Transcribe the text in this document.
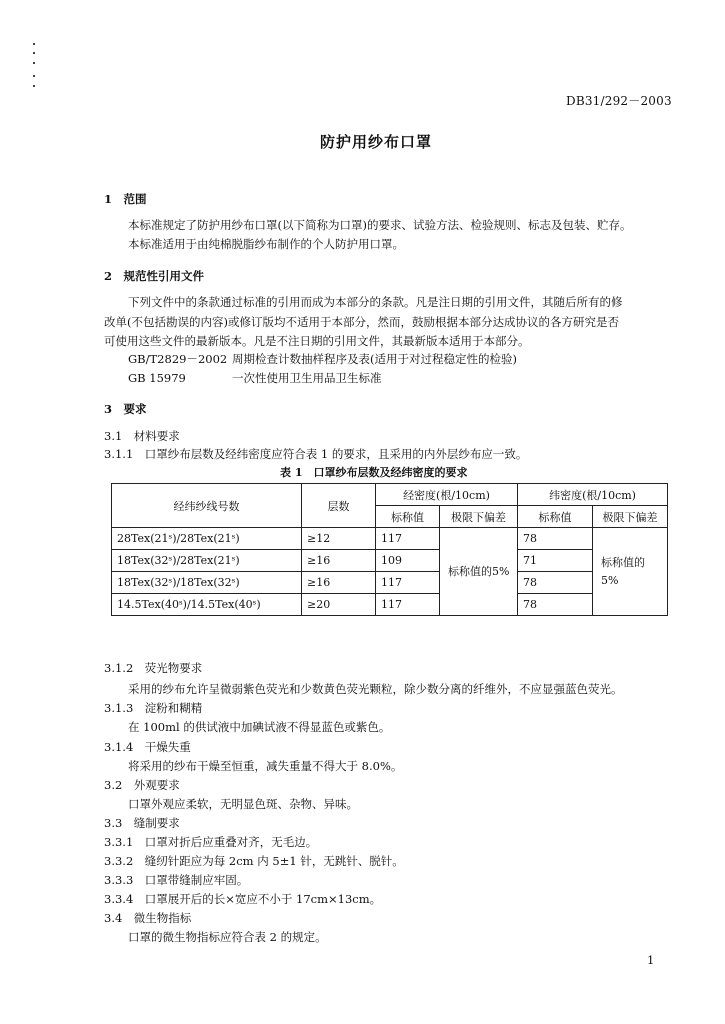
DB31/292－2003
防护用纱布口罩
1　范围
本标准规定了防护用纱布口罩(以下简称为口罩)的要求、试验方法、检验规则、标志及包装、贮存。
本标准适用于由纯棉脱脂纱布制作的个人防护用口罩。
2　规范性引用文件
下列文件中的条款通过标准的引用而成为本部分的条款。凡是注日期的引用文件，其随后所有的修
改单(不包括勘误的内容)或修订版均不适用于本部分，然而，鼓励根据本部分达成协议的各方研究是否
可使用这些文件的最新版本。凡是不注日期的引用文件，其最新版本适用于本部分。
GB/T2829－2002 周期检查计数抽样程序及表(适用于对过程稳定性的检验)
GB 15979	一次性使用卫生用品卫生标准
3　要求
3.1　材料要求
3.1.1　口罩纱布层数及经纬密度应符合表 1 的要求，且采用的内外层纱布应一致。
表 1　口罩纱布层数及经纬密度的要求
经纬纱线号数	层数	经密度(根/10cm)		纬密度(根/10cm)	
		标称值	极限下偏差	标称值	极限下偏差
28Tex(21ˢ)/28Tex(21ˢ)	≥12	117	标称值的5%	78	标称值的5%
18Tex(32ˢ)/28Tex(21ˢ)	≥16	109		71	
18Tex(32ˢ)/18Tex(32ˢ)	≥16	117		78	
14.5Tex(40ˢ)/14.5Tex(40ˢ)	≥20	117		78	
3.1.2　荧光物要求
采用的纱布允许呈微弱紫色荧光和少数黄色荧光颗粒，除少数分离的纤维外，不应显强蓝色荧光。
3.1.3　淀粉和糊精
在 100ml 的供试液中加碘试液不得显蓝色或紫色。
3.1.4　干燥失重
将采用的纱布干燥至恒重，减失重量不得大于 8.0%。
3.2　外观要求
口罩外观应柔软，无明显色斑、杂物、异味。
3.3　缝制要求
3.3.1　口罩对折后应重叠对齐，无毛边。
3.3.2　缝纫针距应为每 2cm 内 5±1 针，无跳针、脱针。
3.3.3　口罩带缝制应牢固。
3.3.4　口罩展开后的长×宽应不小于 17cm×13cm。
3.4　微生物指标
口罩的微生物指标应符合表 2 的规定。
1
